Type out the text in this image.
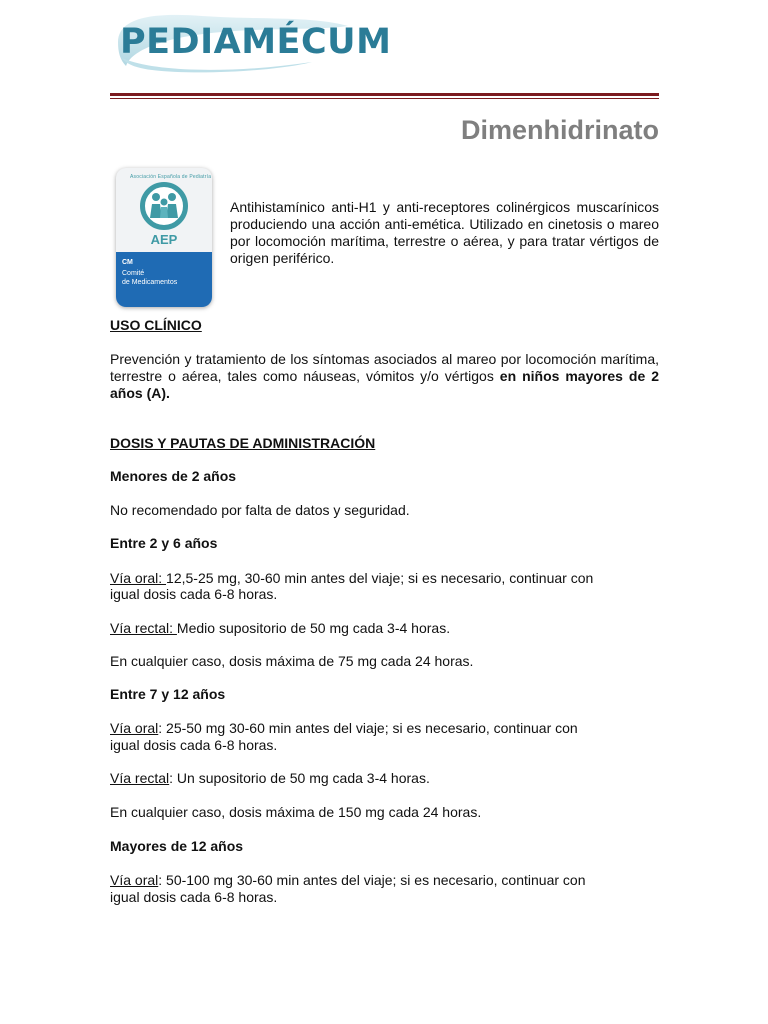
PEDIAMÉCUM
Dimenhidrinato
Asociación Española de Pediatría
AEP
CM
Comité
de Medicamentos
Antihistamínico anti-H1 y anti-receptores colinérgicos muscarínicos produciendo una acción anti-emética. Utilizado en cinetosis o mareo por locomoción marítima, terrestre o aérea, y para tratar vértigos de origen periférico.
USO CLÍNICO
Prevención y tratamiento de los síntomas asociados al mareo por locomoción marítima, terrestre o aérea, tales como náuseas, vómitos y/o vértigos en niños mayores de 2 años (A).
DOSIS Y PAUTAS DE ADMINISTRACIÓN
Menores de 2 años
No recomendado por falta de datos y seguridad.
Entre 2 y 6 años
Vía oral: 12,5-25 mg, 30-60 min antes del viaje; si es necesario, continuar con
igual dosis cada 6-8 horas.
Vía rectal: Medio supositorio de 50 mg cada 3-4 horas.
En cualquier caso, dosis máxima de 75 mg cada 24 horas.
Entre 7 y 12 años
Vía oral: 25-50 mg 30-60 min antes del viaje; si es necesario, continuar con
igual dosis cada 6-8 horas.
Vía rectal: Un supositorio de 50 mg cada 3-4 horas.
En cualquier caso, dosis máxima de 150 mg cada 24 horas.
Mayores de 12 años
Vía oral: 50-100 mg 30-60 min antes del viaje; si es necesario, continuar con
igual dosis cada 6-8 horas.
